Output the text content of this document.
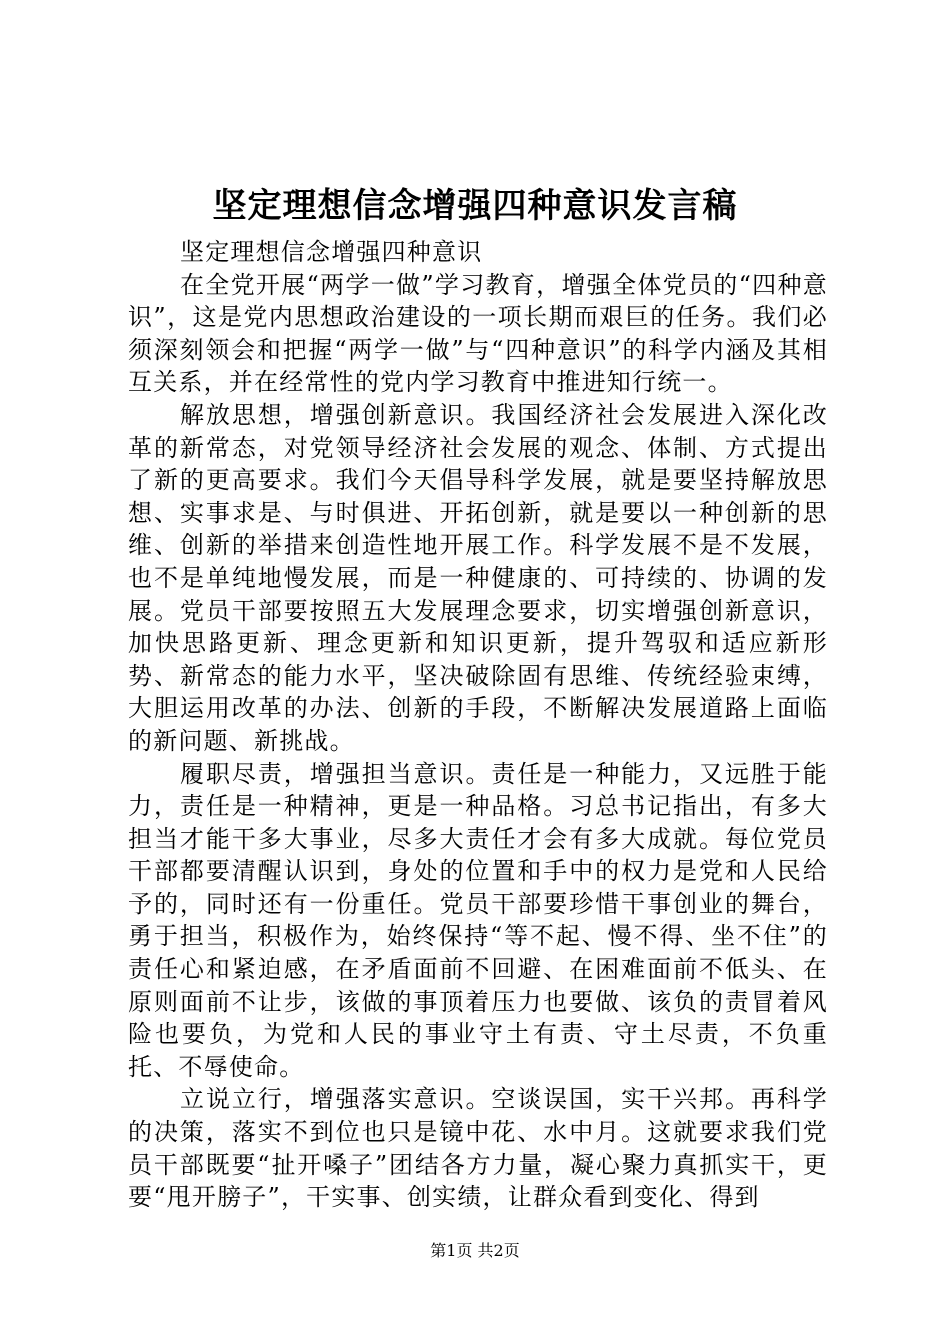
坚定理想信念增强四种意识发言稿

坚定理想信念增强四种意识

在全党开展“两学一做”学习教育，增强全体党员的“四种意识”，这是党内思想政治建设的一项长期而艰巨的任务。我们必须深刻领会和把握“两学一做”与“四种意识”的科学内涵及其相互关系，并在经常性的党内学习教育中推进知行统一。

解放思想，增强创新意识。我国经济社会发展进入深化改革的新常态，对党领导经济社会发展的观念、体制、方式提出了新的更高要求。我们今天倡导科学发展，就是要坚持解放思想、实事求是、与时俱进、开拓创新，就是要以一种创新的思维、创新的举措来创造性地开展工作。科学发展不是不发展，也不是单纯地慢发展，而是一种健康的、可持续的、协调的发展。党员干部要按照五大发展理念要求，切实增强创新意识，加快思路更新、理念更新和知识更新，提升驾驭和适应新形势、新常态的能力水平，坚决破除固有思维、传统经验束缚，大胆运用改革的办法、创新的手段，不断解决发展道路上面临的新问题、新挑战。

履职尽责，增强担当意识。责任是一种能力，又远胜于能力，责任是一种精神，更是一种品格。习总书记指出，有多大担当才能干多大事业，尽多大责任才会有多大成就。每位党员干部都要清醒认识到，身处的位置和手中的权力是党和人民给予的，同时还有一份重任。党员干部要珍惜干事创业的舞台，勇于担当，积极作为，始终保持“等不起、慢不得、坐不住”的责任心和紧迫感，在矛盾面前不回避、在困难面前不低头、在原则面前不让步，该做的事顶着压力也要做、该负的责冒着风险也要负，为党和人民的事业守土有责、守土尽责，不负重托、不辱使命。

立说立行，增强落实意识。空谈误国，实干兴邦。再科学的决策，落实不到位也只是镜中花、水中月。这就要求我们党员干部既要“扯开嗓子”团结各方力量，凝心聚力真抓实干，更要“甩开膀子”，干实事、创实绩，让群众看到变化、得到

第1页 共2页
